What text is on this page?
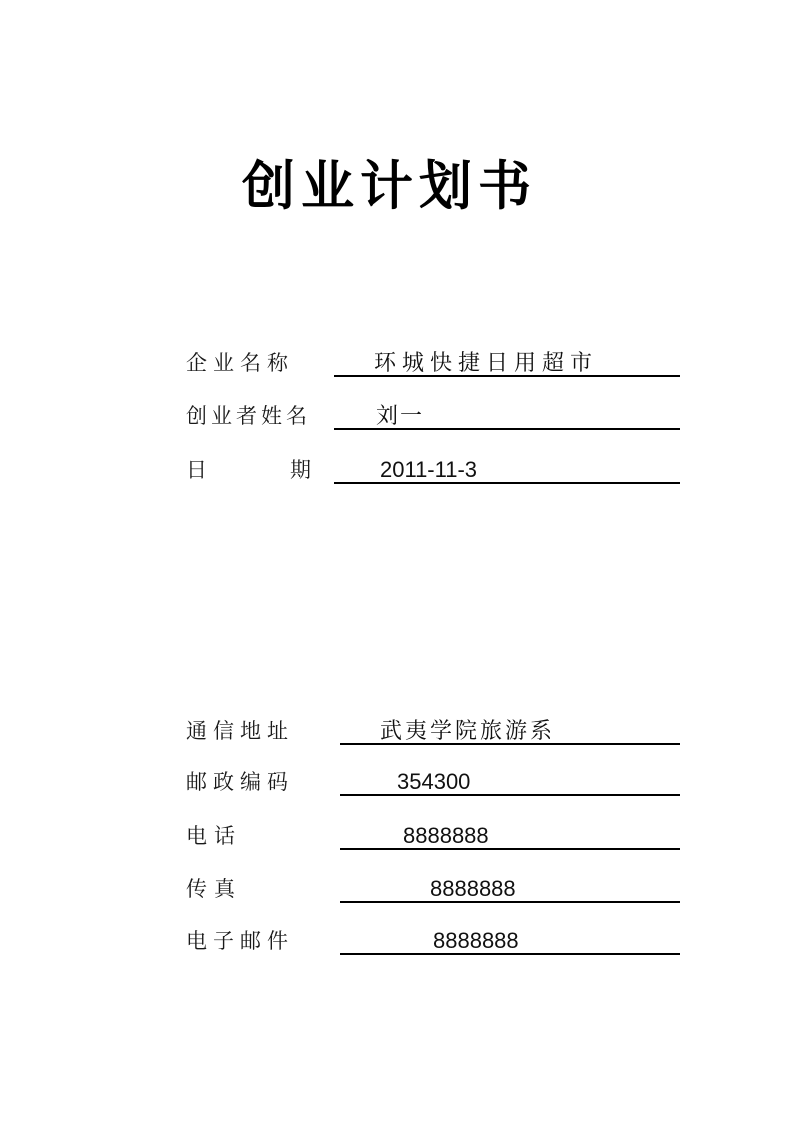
创业计划书
企业名称	环城快捷日用超市
创业者姓名	刘一
日期	2011-11-3
通信地址	武夷学院旅游系
邮政编码	354300
电话	8888888
传真	8888888
电子邮件	8888888
